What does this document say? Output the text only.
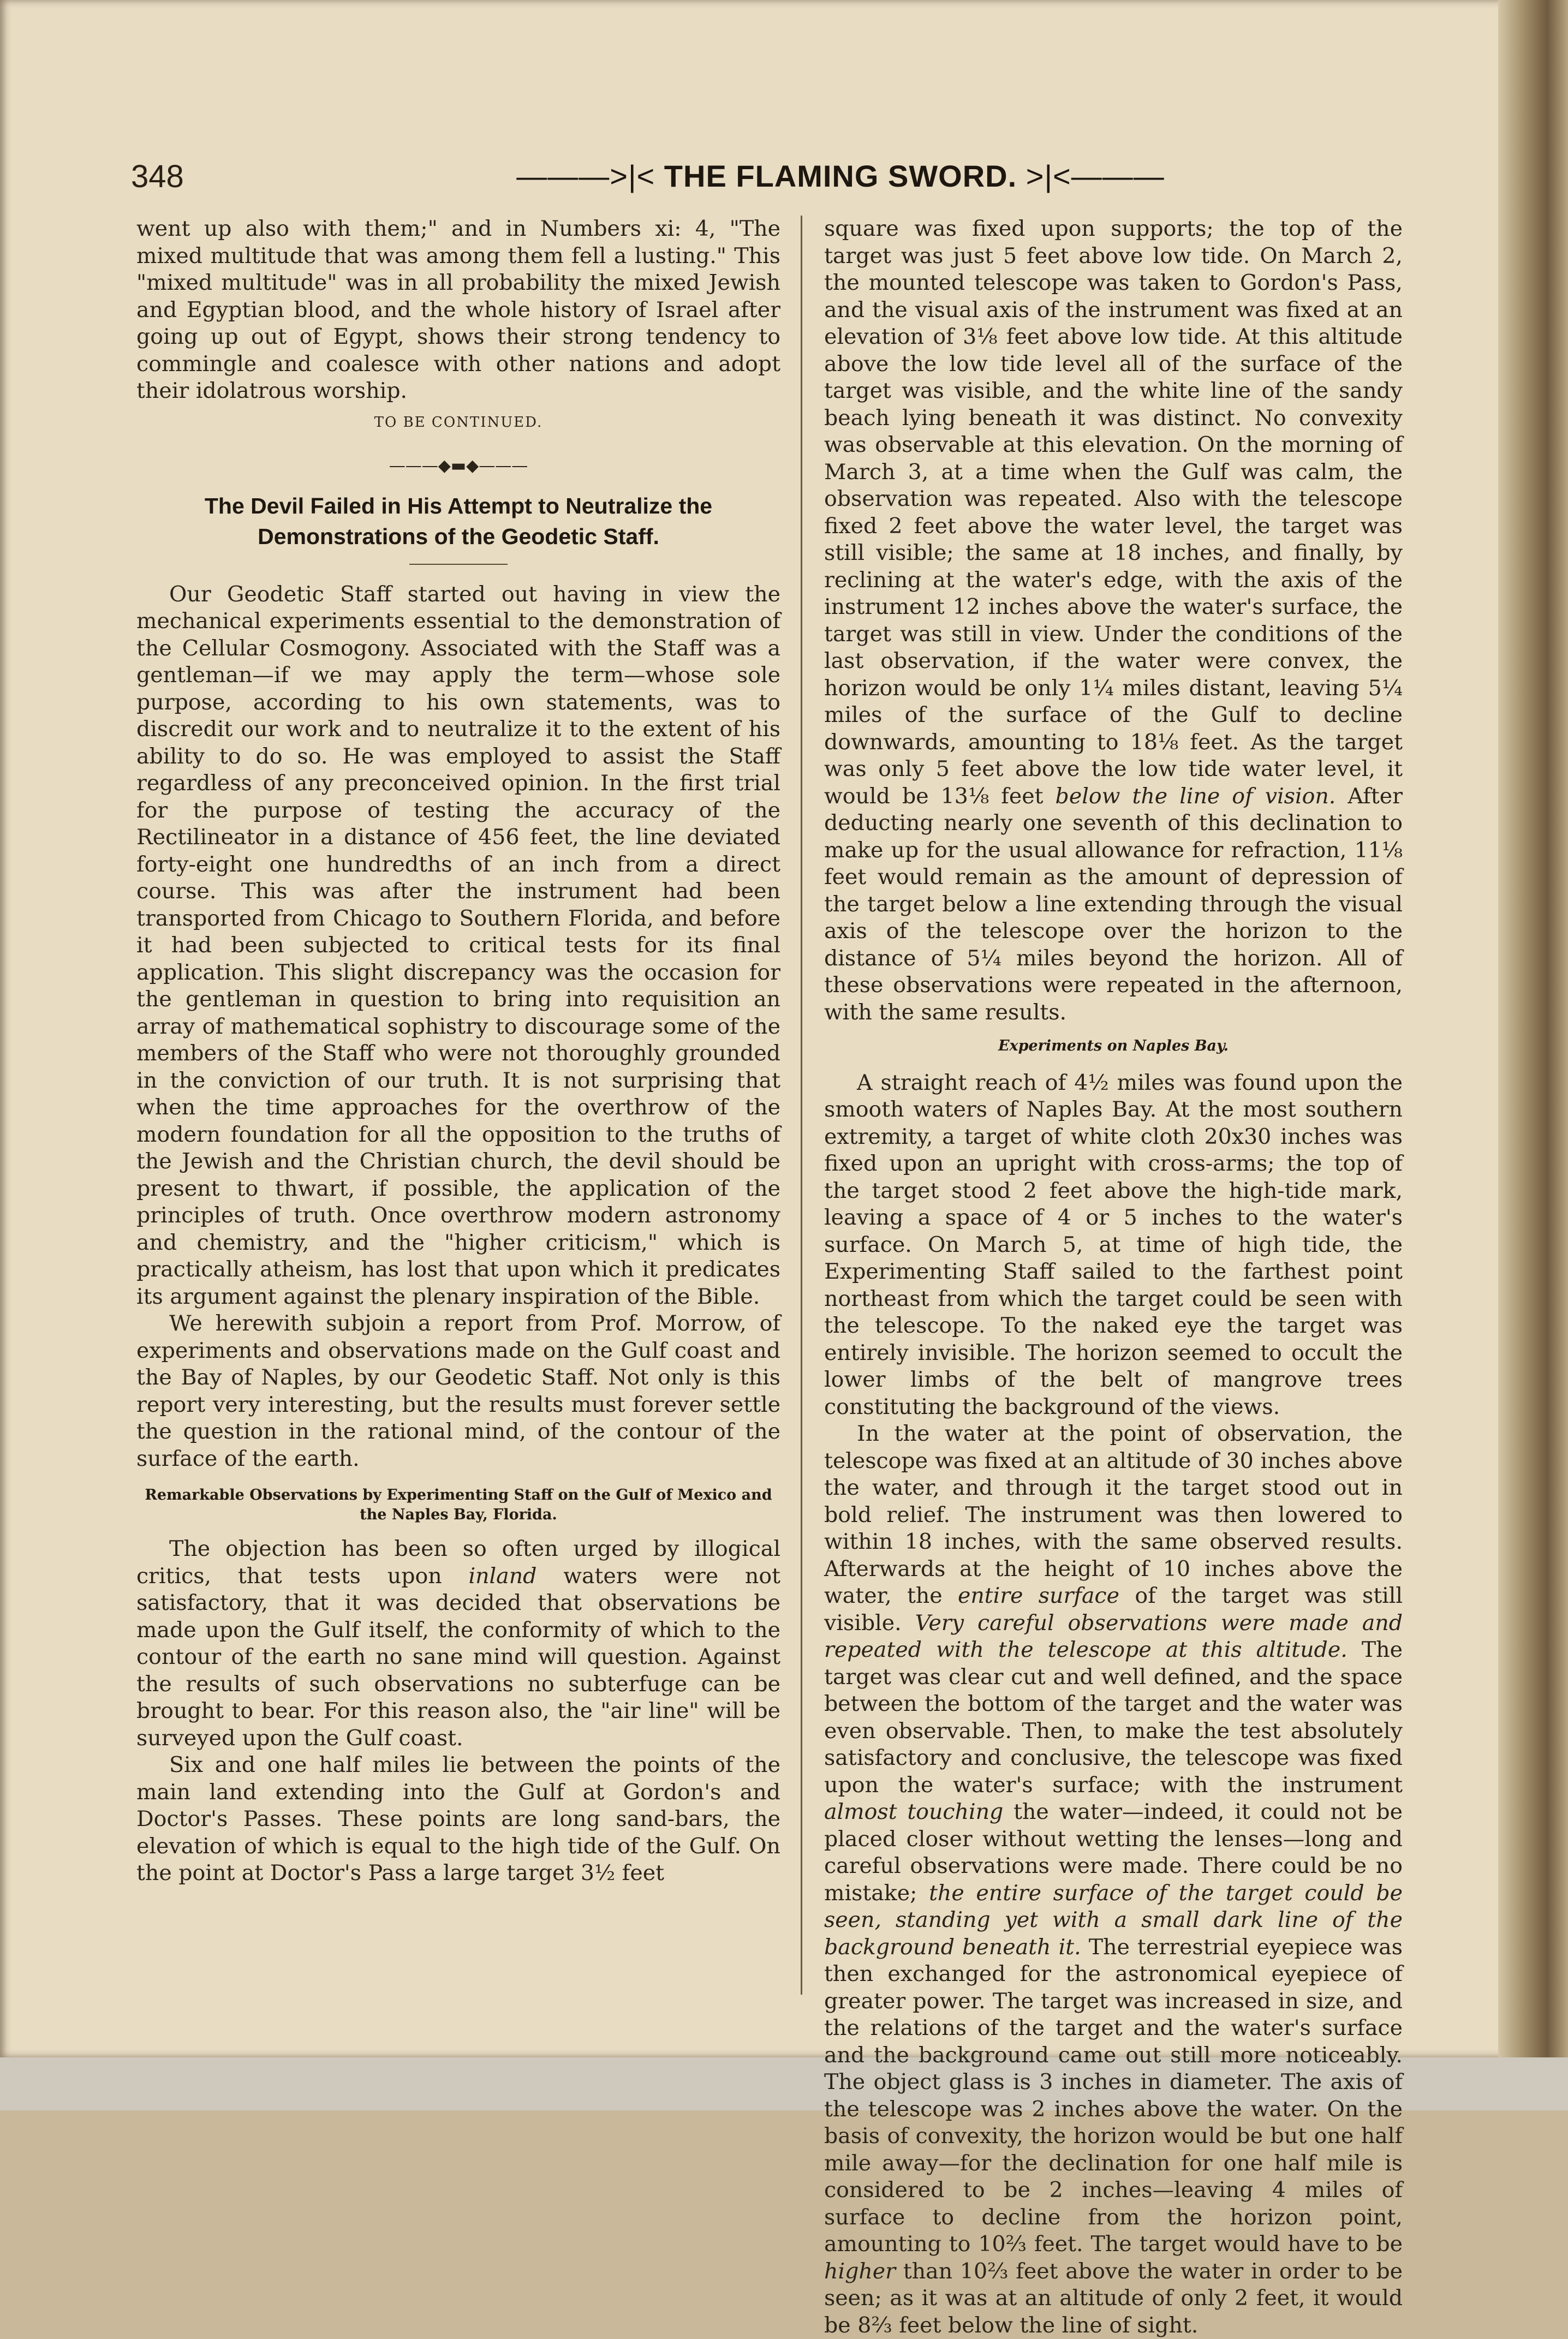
348	———>|< THE FLAMING SWORD. >|<———

went up also with them;" and in Numbers xi: 4, "The mixed multitude that was among them fell a lusting." This "mixed multitude" was in all probability the mixed Jewish and Egyptian blood, and the whole history of Israel after going up out of Egypt, shows their strong tendency to commingle and coalesce with other nations and adopt their idolatrous worship.

TO BE CONTINUED.

———◆▬◆———
The Devil Failed in His Attempt to Neutralize the Demonstrations of the Geodetic Staff.

Our Geodetic Staff started out having in view the mechanical experiments essential to the demonstration of the Cellular Cosmogony. Associated with the Staff was a gentleman—if we may apply the term—whose sole purpose, according to his own statements, was to discredit our work and to neutralize it to the extent of his ability to do so. He was employed to assist the Staff regardless of any preconceived opinion. In the first trial for the purpose of testing the accuracy of the Rectilineator in a distance of 456 feet, the line deviated forty-eight one hundredths of an inch from a direct course. This was after the instrument had been transported from Chicago to Southern Florida, and before it had been subjected to critical tests for its final application. This slight discrepancy was the occasion for the gentleman in question to bring into requisition an array of mathematical sophistry to discourage some of the members of the Staff who were not thoroughly grounded in the conviction of our truth. It is not surprising that when the time approaches for the overthrow of the modern foundation for all the opposition to the truths of the Jewish and the Christian church, the devil should be present to thwart, if possible, the application of the principles of truth. Once overthrow modern astronomy and chemistry, and the "higher criticism," which is practically atheism, has lost that upon which it predicates its argument against the plenary inspiration of the Bible.

We herewith subjoin a report from Prof. Morrow, of experiments and observations made on the Gulf coast and the Bay of Naples, by our Geodetic Staff. Not only is this report very interesting, but the results must forever settle the question in the rational mind, of the contour of the surface of the earth.

Remarkable Observations by Experimenting Staff on the Gulf of Mexico and the Naples Bay, Florida.

The objection has been so often urged by illogical critics, that tests upon inland waters were not satisfactory, that it was decided that observations be made upon the Gulf itself, the conformity of which to the contour of the earth no sane mind will question. Against the results of such observations no subterfuge can be brought to bear. For this reason also, the "air line" will be surveyed upon the Gulf coast.

Six and one half miles lie between the points of the main land extending into the Gulf at Gordon's and Doctor's Passes. These points are long sand-bars, the elevation of which is equal to the high tide of the Gulf. On the point at Doctor's Pass a large target 3½ feet

square was fixed upon supports; the top of the target was just 5 feet above low tide. On March 2, the mounted telescope was taken to Gordon's Pass, and the visual axis of the instrument was fixed at an elevation of 3⅛ feet above low tide. At this altitude above the low tide level all of the surface of the target was visible, and the white line of the sandy beach lying beneath it was distinct. No convexity was observable at this elevation. On the morning of March 3, at a time when the Gulf was calm, the observation was repeated. Also with the telescope fixed 2 feet above the water level, the target was still visible; the same at 18 inches, and finally, by reclining at the water's edge, with the axis of the instrument 12 inches above the water's surface, the target was still in view. Under the conditions of the last observation, if the water were convex, the horizon would be only 1¼ miles distant, leaving 5¼ miles of the surface of the Gulf to decline downwards, amounting to 18⅛ feet. As the target was only 5 feet above the low tide water level, it would be 13⅛ feet below the line of vision. After deducting nearly one seventh of this declination to make up for the usual allowance for refraction, 11⅛ feet would remain as the amount of depression of the target below a line extending through the visual axis of the telescope over the horizon to the distance of 5¼ miles beyond the horizon. All of these observations were repeated in the afternoon, with the same results.

Experiments on Naples Bay.

A straight reach of 4½ miles was found upon the smooth waters of Naples Bay. At the most southern extremity, a target of white cloth 20x30 inches was fixed upon an upright with cross-arms; the top of the target stood 2 feet above the high-tide mark, leaving a space of 4 or 5 inches to the water's surface. On March 5, at time of high tide, the Experimenting Staff sailed to the farthest point northeast from which the target could be seen with the telescope. To the naked eye the target was entirely invisible. The horizon seemed to occult the lower limbs of the belt of mangrove trees constituting the background of the views.

In the water at the point of observation, the telescope was fixed at an altitude of 30 inches above the water, and through it the target stood out in bold relief. The instrument was then lowered to within 18 inches, with the same observed results. Afterwards at the height of 10 inches above the water, the entire surface of the target was still visible. Very careful observations were made and repeated with the telescope at this altitude. The target was clear cut and well defined, and the space between the bottom of the target and the water was even observable. Then, to make the test absolutely satisfactory and conclusive, the telescope was fixed upon the water's surface; with the instrument almost touching the water—indeed, it could not be placed closer without wetting the lenses—long and careful observations were made. There could be no mistake; the entire surface of the target could be seen, standing yet with a small dark line of the background beneath it. The terrestrial eyepiece was then exchanged for the astronomical eyepiece of greater power. The target was increased in size, and the relations of the target and the water's surface and the background came out still more noticeably. The object glass is 3 inches in diameter. The axis of the telescope was 2 inches above the water. On the basis of convexity, the horizon would be but one half mile away—for the declination for one half mile is considered to be 2 inches—leaving 4 miles of surface to decline from the horizon point, amounting to 10⅔ feet. The target would have to be higher than 10⅔ feet above the water in order to be seen; as it was at an altitude of only 2 feet, it would be 8⅔ feet below the line of sight.
